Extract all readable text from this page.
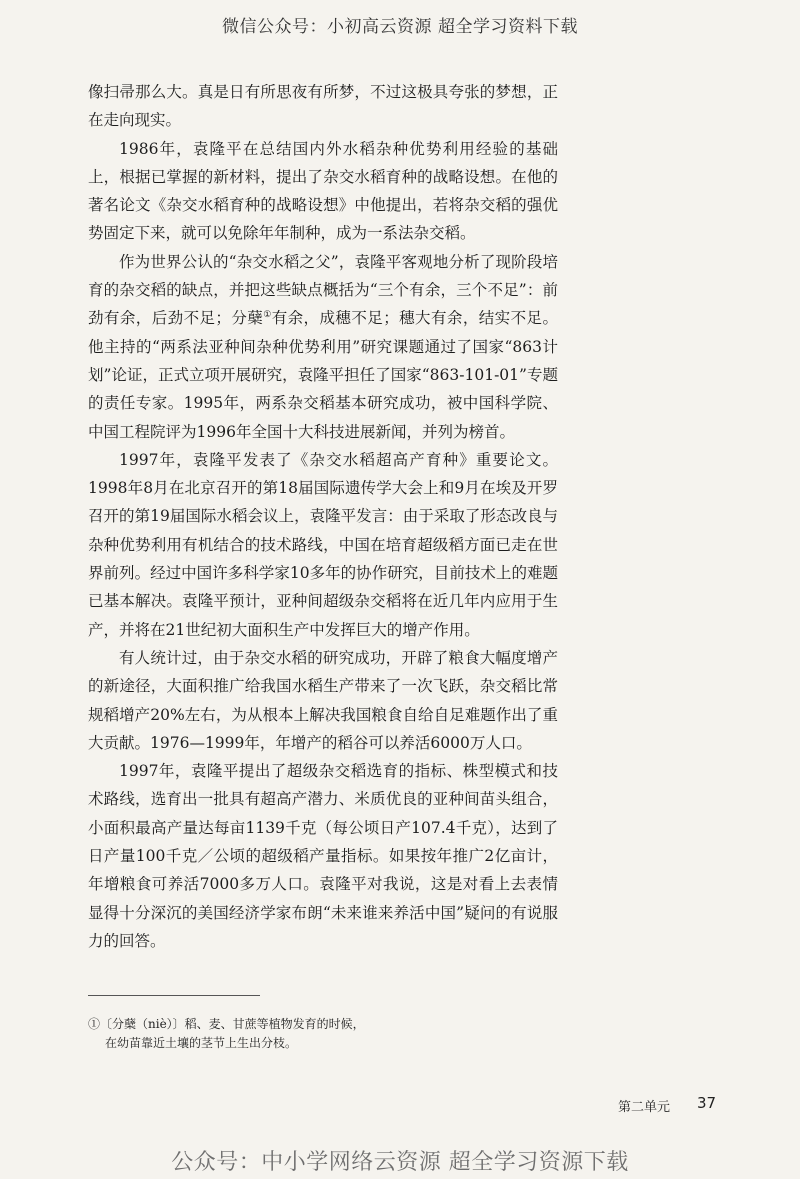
微信公众号：小初高云资源 超全学习资料下载

像扫帚那么大。真是日有所思夜有所梦，不过这极具夸张的梦想，正在走向现实。

1986年，袁隆平在总结国内外水稻杂种优势利用经验的基础上，根据已掌握的新材料，提出了杂交水稻育种的战略设想。在他的著名论文《杂交水稻育种的战略设想》中他提出，若将杂交稻的强优势固定下来，就可以免除年年制种，成为一系法杂交稻。

作为世界公认的“杂交水稻之父”，袁隆平客观地分析了现阶段培育的杂交稻的缺点，并把这些缺点概括为“三个有余，三个不足”：前劲有余，后劲不足；分蘖①有余，成穗不足；穗大有余，结实不足。他主持的“两系法亚种间杂种优势利用”研究课题通过了国家“863计划”论证，正式立项开展研究，袁隆平担任了国家“863-101-01”专题的责任专家。1995年，两系杂交稻基本研究成功，被中国科学院、中国工程院评为1996年全国十大科技进展新闻，并列为榜首。

1997年，袁隆平发表了《杂交水稻超高产育种》重要论文。1998年8月在北京召开的第18届国际遗传学大会上和9月在埃及开罗召开的第19届国际水稻会议上，袁隆平发言：由于采取了形态改良与杂种优势利用有机结合的技术路线，中国在培育超级稻方面已走在世界前列。经过中国许多科学家10多年的协作研究，目前技术上的难题已基本解决。袁隆平预计，亚种间超级杂交稻将在近几年内应用于生产，并将在21世纪初大面积生产中发挥巨大的增产作用。

有人统计过，由于杂交水稻的研究成功，开辟了粮食大幅度增产的新途径，大面积推广给我国水稻生产带来了一次飞跃，杂交稻比常规稻增产20%左右，为从根本上解决我国粮食自给自足难题作出了重大贡献。1976—1999年，年增产的稻谷可以养活6000万人口。

1997年，袁隆平提出了超级杂交稻选育的指标、株型模式和技术路线，选育出一批具有超高产潜力、米质优良的亚种间苗头组合，小面积最高产量达每亩1139千克（每公顷日产107.4千克），达到了日产量100千克／公顷的超级稻产量指标。如果按年推广2亿亩计，年增粮食可养活7000多万人口。袁隆平对我说，这是对看上去表情显得十分深沉的美国经济学家布朗“未来谁来养活中国”疑问的有说服力的回答。

①〔分蘖（niè）〕稻、麦、甘蔗等植物发育的时候，
在幼苗靠近土壤的茎节上生出分枝。
第二单元 37
公众号：中小学网络云资源 超全学习资源下载
